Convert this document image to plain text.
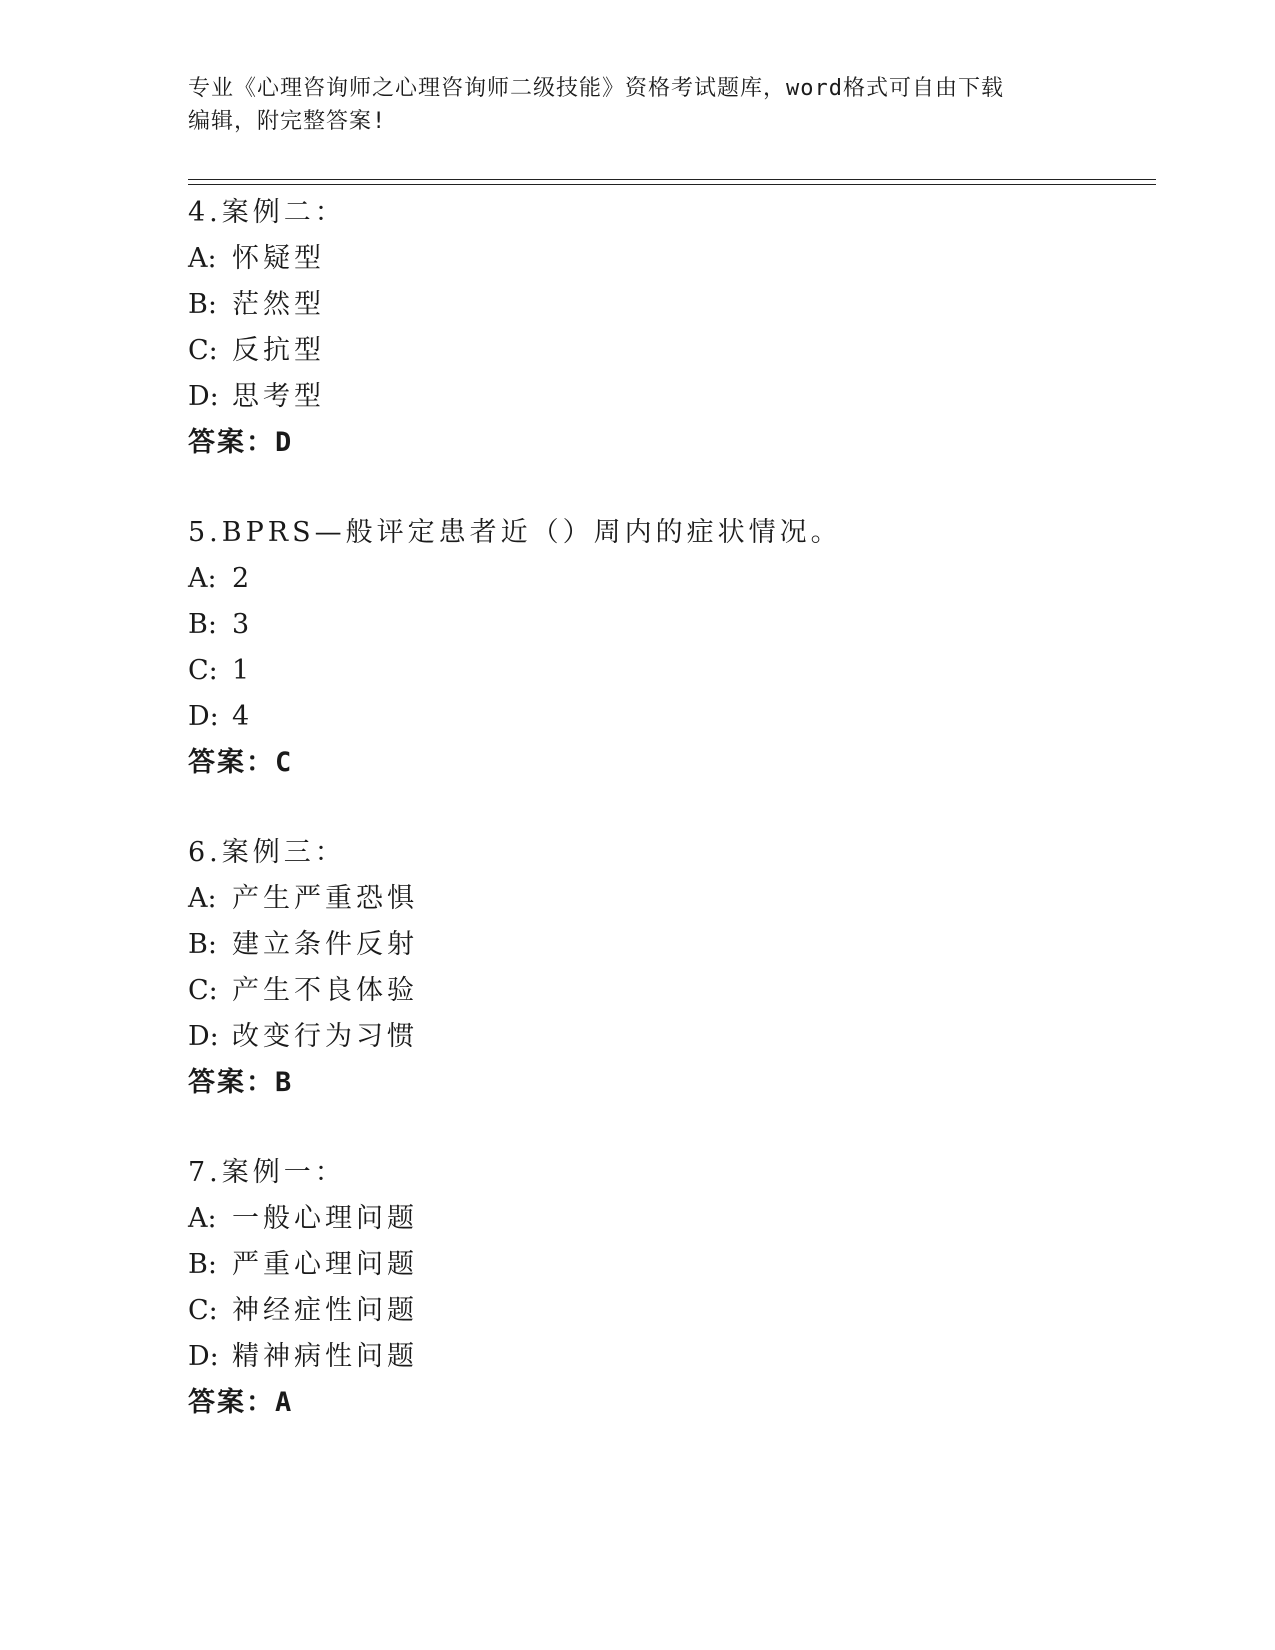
专业《心理咨询师之心理咨询师二级技能》资格考试题库，word格式可自由下载
编辑，附完整答案!
4.案例二：
A: 怀疑型
B: 茫然型
C: 反抗型
D: 思考型
答案：D
5.BPRS—般评定患者近（）周内的症状情况。
A: 2
B: 3
C: 1
D: 4
答案：C
6.案例三：
A: 产生严重恐惧
B: 建立条件反射
C: 产生不良体验
D: 改变行为习惯
答案：B
7.案例一：
A: 一般心理问题
B: 严重心理问题
C: 神经症性问题
D: 精神病性问题
答案：A
